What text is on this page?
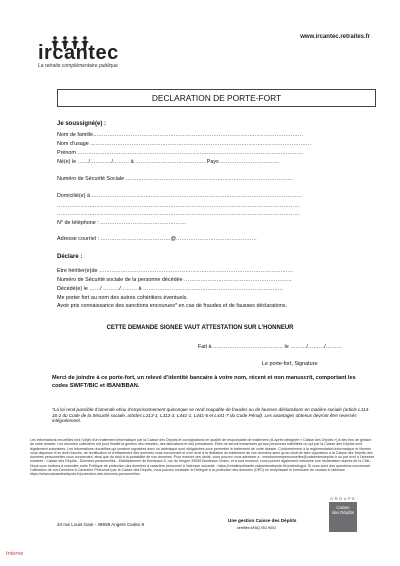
ircantec
La retraite complémentaire publique
www.ircantec.retraites.fr
DECLARATION DE PORTE-FORT
Je soussigné(e) :
Nom de famille………………………………………………………………………………………………………
Nom d’usage ……………………………………………………………………………………………………………
Prénom ………………………………………………………………………………………………………………
Né(e) le ……/…………/……… à ………………………………… Pays ……………………………
Numéro de Sécurité Sociale …………………………………………………………………………………
Domicilié(e) à ………………………………………………………………………………………………………
………………………………………………………………………………………………………………………
………………………………………………………………………………………………………………………
N° de téléphone : …………………………………………
Adresse courriel : …………………………………@………………………………………
Déclare :
Etre héritier(e)de ………………………………………………………………………………………………
Numéro de Sécurité sociale de la personne décédée ……………………………………………………
Décédé(e) le ……/ ………/……… à ……………………………………………………………………
Me porter fort au nom des autres cohéritiers éventuels.
Avoir pris connaissance des sanctions encourues* en cas de fraudes et de fausses déclarations.
CETTE DEMANDE SIGNEE VAUT ATTESTATION SUR L’HONNEUR
Fait à ………………………………… le ………/………/………
Le porte-fort, Signature
Merci de joindre à ce porte-fort, un relevé d’identité bancaire à votre nom, récent et non manuscrit, comportant les codes SWIFT/BIC et IBAN/BBAN.
*La loi rend passible d’amende et/ou d’emprisonnement quiconque se rend coupable de fraudes ou de fausses déclarations en matière sociale (article L114-16-2 du Code de la Sécurité sociale, articles L313-1, L313-3, L441-1, L441-6 et L441-7 du Code Pénal). Les avantages obtenus devront être reversés intégralement.
Les informations recueillies font l’objet d’un traitement informatique par la Caisse des Dépôts et consignations en qualité de responsable de traitement (ci-après désignée « Caisse des Dépôts ») à des fins de gestion de votre dossier. Les données collectées ont pour finalité la gestion des retraites, des allocations et des prestations. Elles ne seront transmises qu’aux personnes habilitées ou qui par la Caisse des Dépôts sont légalement autorisées. Les informations recueillies qui seraient signalées avec un astérisque sont obligatoires pour permettre le traitement de votre dossier. Conformément à la réglementation informatique et libertés vous disposez d’un droit d’accès, de rectification et d’effacement des données vous concernant et d’un droit à la limitation du traitement de vos données ainsi qu’au droit de faire opposition à la Caisse des Dépôts des données personnelles vous concernant, ainsi que du droit à la portabilité de vos données. Pour exercer ces droits, vous pouvez vous adresser à : mesdonneespersonnelles@caissedesdepots.fr ou par écrit à l’adresse suivante : Caisse des Dépôts - Données personnelles - Etablissement de Bordeaux 5, rue du Vergne 33059 Bordeaux Cedex, et à tout moment, vous pouvez également introduire une réclamation auprès de la CNIL. Nous vous invitons à consulter notre Politique de protection des données à caractère personnel à l’adresse suivante : https://retraitesolidarite.caissedesdepots.fr/content/rgpd. Si vous avez des questions concernant l’utilisation de vos Données à Caractère Personnel par la Caisse des Dépôts, vous pouvez contacter le Délégué à la protection des données (DPD) en remplissant le formulaire de contact à l’adresse https://www.caissedesdepots.fr/protection-des-donnees-personnelles.
24 rue Louis Gain - 49939 Angers Cedex 9
Une gestion Caisse des Dépôts
certifiée AFAQ ISO 9001
GROUPE
Caisse
des Dépôts
Interne
